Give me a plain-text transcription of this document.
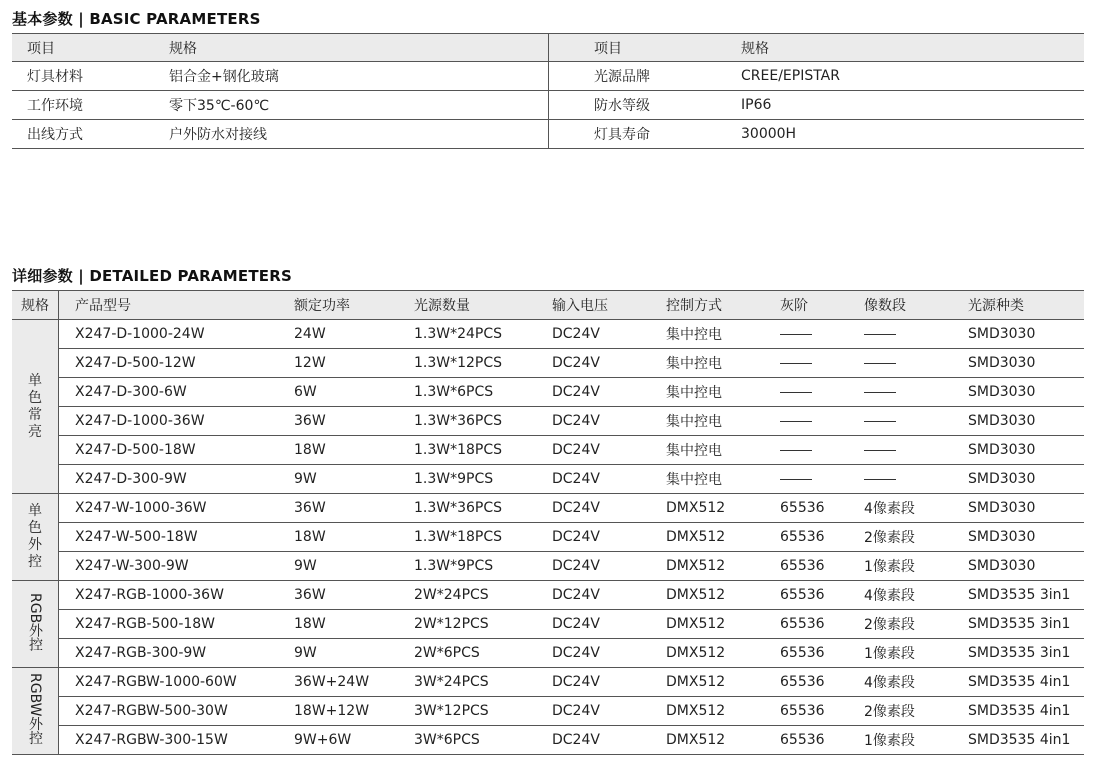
基本参数 | BASIC PARAMETERS
项目	规格	项目	规格
灯具材料	铝合金+钢化玻璃	光源品牌	CREE/EPISTAR
工作环境	零下35℃-60℃	防水等级	IP66
出线方式	户外防水对接线	灯具寿命	30000H
详细参数 | DETAILED PARAMETERS
规格	产品型号	额定功率	光源数量	输入电压	控制方式	灰阶	像数段	光源种类
单色常亮	X247-D-1000-24W	24W	1.3W*24PCS	DC24V	集中控电			SMD3030
	X247-D-500-12W	12W	1.3W*12PCS	DC24V	集中控电			SMD3030
	X247-D-300-6W	6W	1.3W*6PCS	DC24V	集中控电			SMD3030
	X247-D-1000-36W	36W	1.3W*36PCS	DC24V	集中控电			SMD3030
	X247-D-500-18W	18W	1.3W*18PCS	DC24V	集中控电			SMD3030
	X247-D-300-9W	9W	1.3W*9PCS	DC24V	集中控电			SMD3030
单色外控	X247-W-1000-36W	36W	1.3W*36PCS	DC24V	DMX512	65536	4像素段	SMD3030
	X247-W-500-18W	18W	1.3W*18PCS	DC24V	DMX512	65536	2像素段	SMD3030
	X247-W-300-9W	9W	1.3W*9PCS	DC24V	DMX512	65536	1像素段	SMD3030
RGB外控	X247-RGB-1000-36W	36W	2W*24PCS	DC24V	DMX512	65536	4像素段	SMD3535 3in1
	X247-RGB-500-18W	18W	2W*12PCS	DC24V	DMX512	65536	2像素段	SMD3535 3in1
	X247-RGB-300-9W	9W	2W*6PCS	DC24V	DMX512	65536	1像素段	SMD3535 3in1
RGBW外控	X247-RGBW-1000-60W	36W+24W	3W*24PCS	DC24V	DMX512	65536	4像素段	SMD3535 4in1
	X247-RGBW-500-30W	18W+12W	3W*12PCS	DC24V	DMX512	65536	2像素段	SMD3535 4in1
	X247-RGBW-300-15W	9W+6W	3W*6PCS	DC24V	DMX512	65536	1像素段	SMD3535 4in1
